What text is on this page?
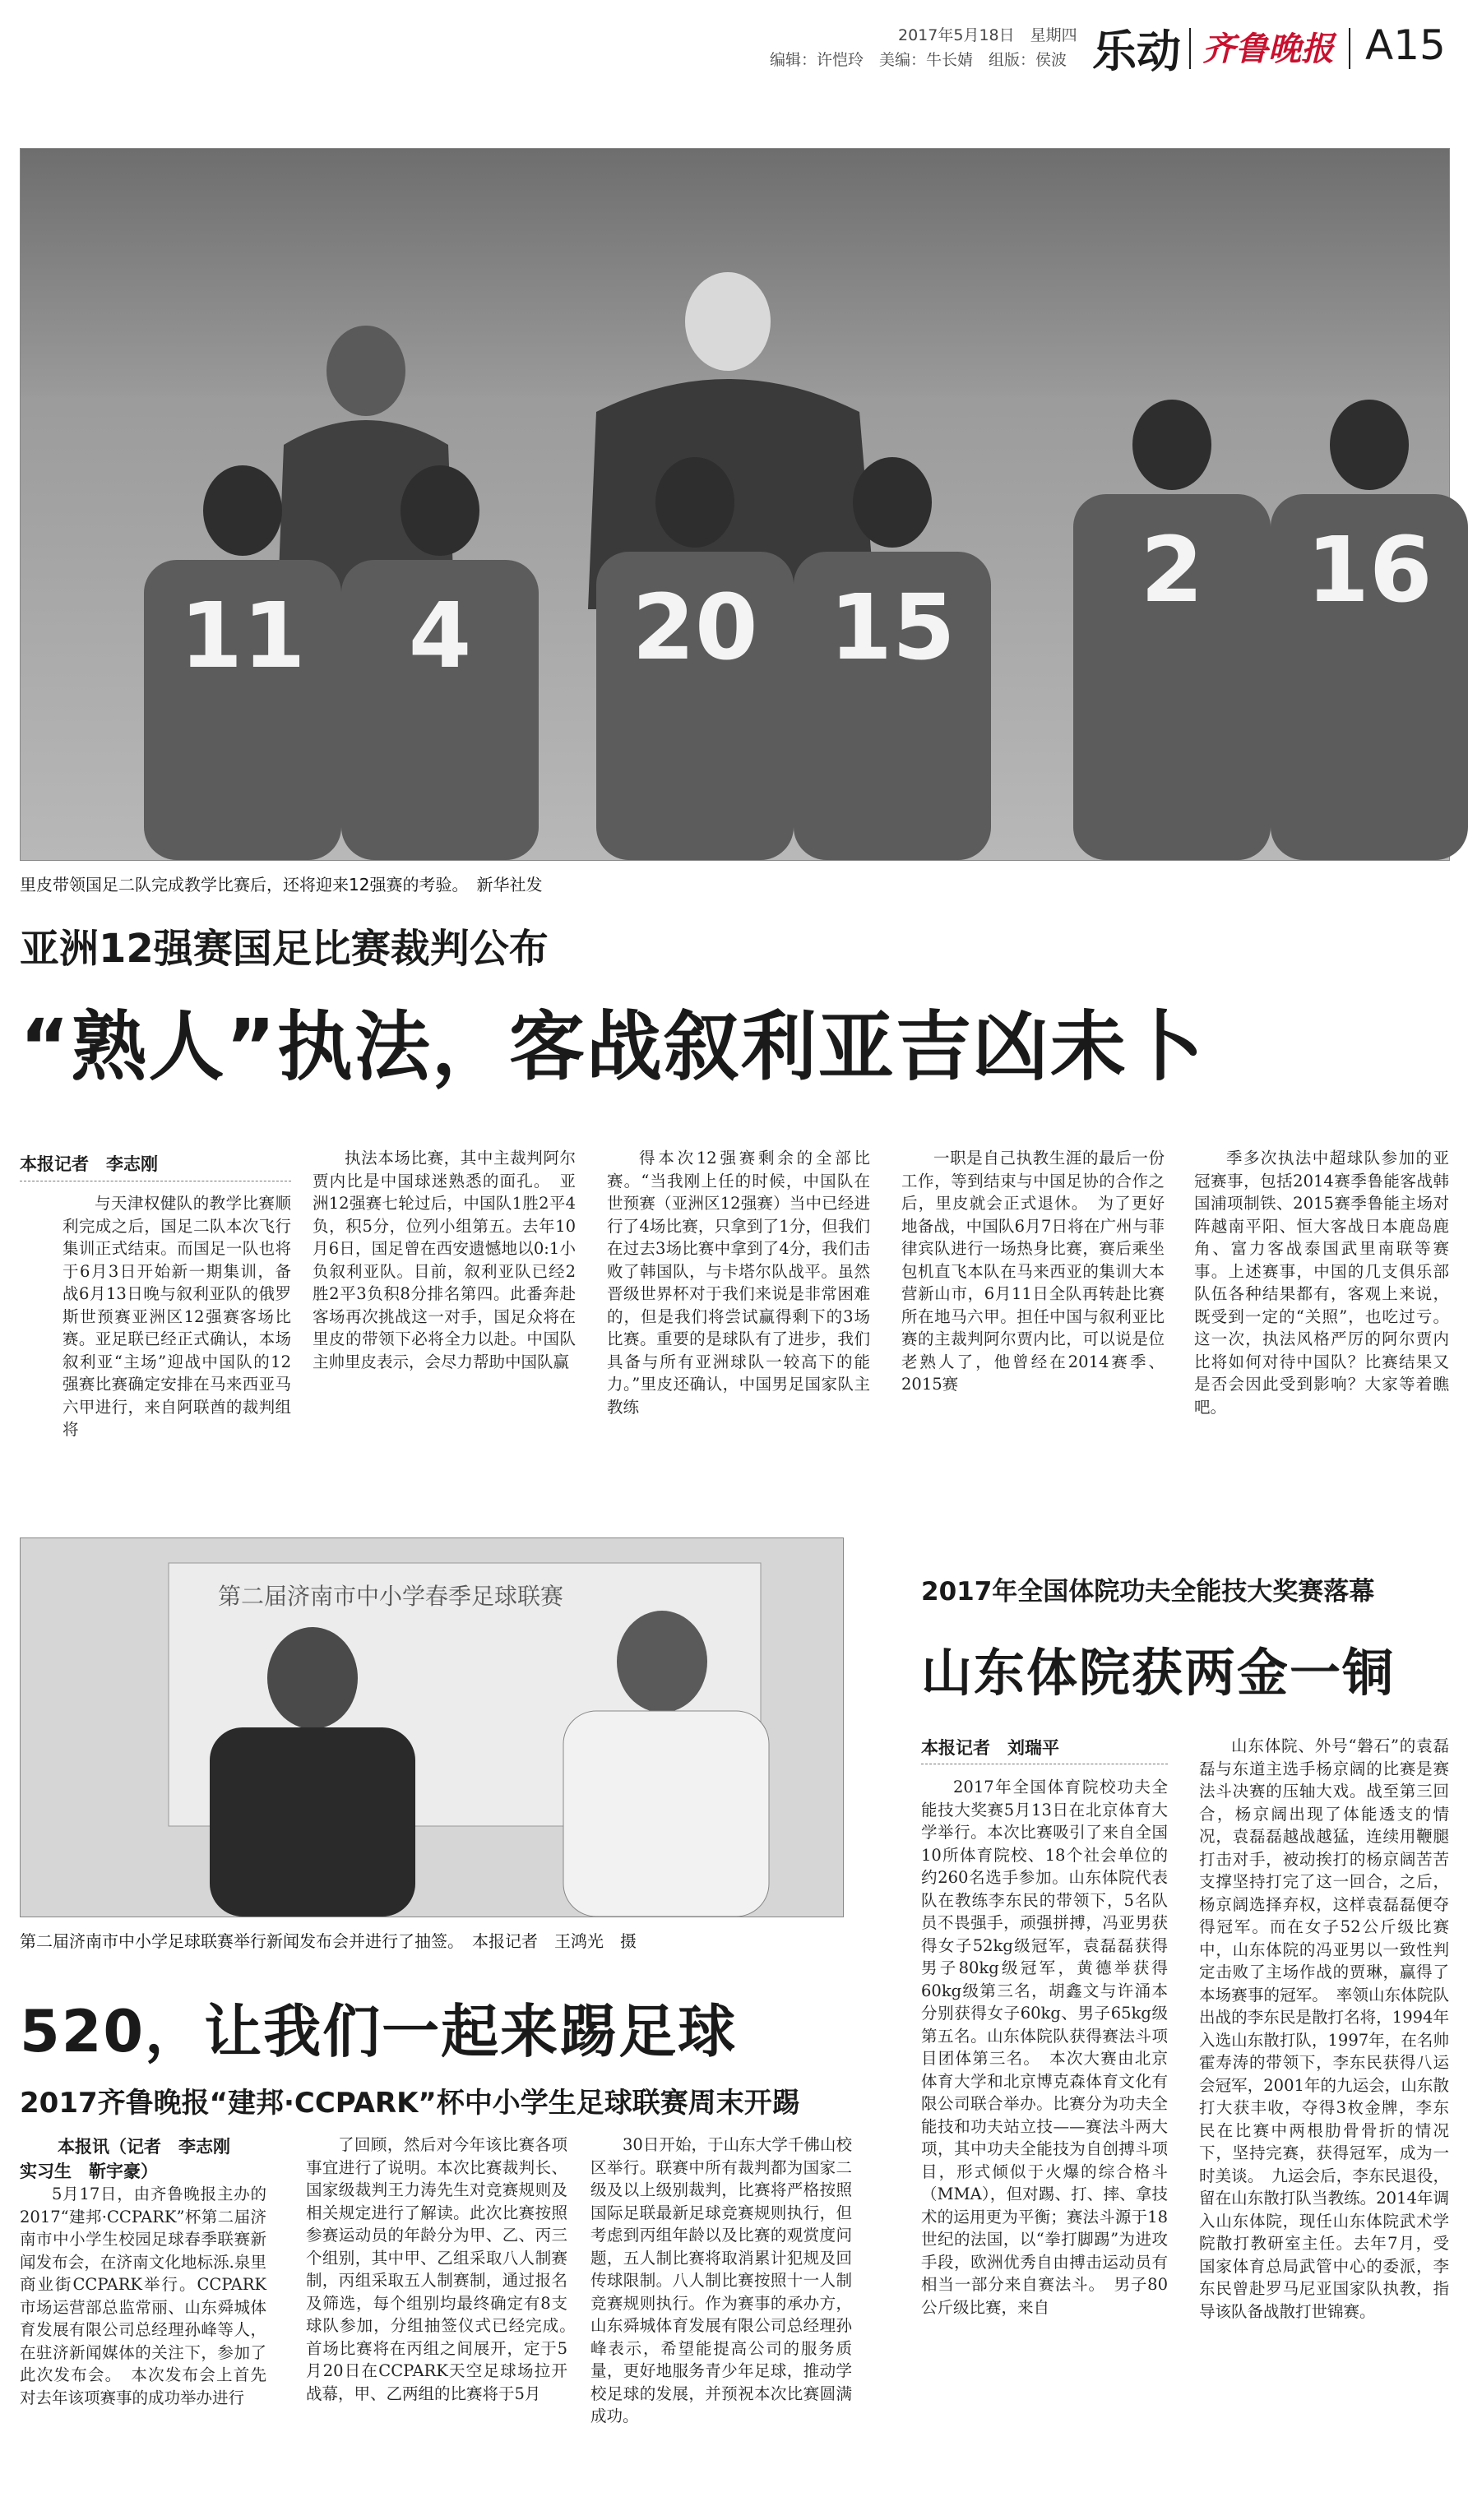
2017年5月18日　星期四
编辑：许恺玲　美编：牛长婧　组版：侯波 乐动 齐鲁晚报 A15
11 4 20 15
2 16
里皮带领国足二队完成教学比赛后，还将迎来12强赛的考验。　新华社发
亚洲12强赛国足比赛裁判公布
“熟人”执法，客战叙利亚吉凶未卜
本报记者　李志刚

与天津权健队的教学比赛顺利完成之后，国足二队本次飞行集训正式结束。而国足一队也将于6月3日开始新一期集训，备战6月13日晚与叙利亚队的俄罗斯世预赛亚洲区12强赛客场比赛。亚足联已经正式确认，本场叙利亚“主场”迎战中国队的12强赛比赛确定安排在马来西亚马六甲进行，来自阿联酋的裁判组将

执法本场比赛，其中主裁判阿尔贾内比是中国球迷熟悉的面孔。　亚洲12强赛七轮过后，中国队1胜2平4负，积5分，位列小组第五。去年10月6日，国足曾在西安遗憾地以0:1小负叙利亚队。目前，叙利亚队已经2胜2平3负积8分排名第四。此番奔赴客场再次挑战这一对手，国足众将在里皮的带领下必将全力以赴。中国队主帅里皮表示，会尽力帮助中国队赢

得本次12强赛剩余的全部比赛。“当我刚上任的时候，中国队在世预赛（亚洲区12强赛）当中已经进行了4场比赛，只拿到了1分，但我们在过去3场比赛中拿到了4分，我们击败了韩国队，与卡塔尔队战平。虽然晋级世界杯对于我们来说是非常困难的，但是我们将尝试赢得剩下的3场比赛。重要的是球队有了进步，我们具备与所有亚洲球队一较高下的能力。”里皮还确认，中国男足国家队主教练

一职是自己执教生涯的最后一份工作，等到结束与中国足协的合作之后，里皮就会正式退休。　为了更好地备战，中国队6月7日将在广州与菲律宾队进行一场热身比赛，赛后乘坐包机直飞本队在马来西亚的集训大本营新山市，6月11日全队再转赴比赛所在地马六甲。担任中国与叙利亚比赛的主裁判阿尔贾内比，可以说是位老熟人了，他曾经在2014赛季、2015赛

季多次执法中超球队参加的亚冠赛事，包括2014赛季鲁能客战韩国浦项制铁、2015赛季鲁能主场对阵越南平阳、恒大客战日本鹿岛鹿角、富力客战泰国武里南联等赛事。上述赛事，中国的几支俱乐部队伍各种结果都有，客观上来说，既受到一定的“关照”，也吃过亏。这一次，执法风格严厉的阿尔贾内比将如何对待中国队？比赛结果又是否会因此受到影响？大家等着瞧吧。

第二届济南市中小学春季足球联赛
第二届济南市中小学足球联赛举行新闻发布会并进行了抽签。　本报记者　王鸿光　摄
520，让我们一起来踢足球
2017齐鲁晚报“建邦·CCPARK”杯中小学生足球联赛周末开踢
本报讯（记者　李志刚
实习生　靳宇豪）

5月17日，由齐鲁晚报主办的2017“建邦·CCPARK”杯第二届济南市中小学生校园足球春季联赛新闻发布会，在济南文化地标泺.泉里商业街CCPARK举行。CCPARK市场运营部总监常丽、山东舜城体育发展有限公司总经理孙峰等人，在驻济新闻媒体的关注下，参加了此次发布会。　本次发布会上首先对去年该项赛事的成功举办进行

了回顾，然后对今年该比赛各项事宜进行了说明。本次比赛裁判长、国家级裁判王力涛先生对竞赛规则及相关规定进行了解读。此次比赛按照参赛运动员的年龄分为甲、乙、丙三个组别，其中甲、乙组采取八人制赛制，丙组采取五人制赛制，通过报名及筛选，每个组别均最终确定有8支球队参加，分组抽签仪式已经完成。　首场比赛将在丙组之间展开，定于5月20日在CCPARK天空足球场拉开战幕，甲、乙两组的比赛将于5月

30日开始，于山东大学千佛山校区举行。联赛中所有裁判都为国家二级及以上级别裁判，比赛将严格按照国际足联最新足球竞赛规则执行，但考虑到丙组年龄以及比赛的观赏度问题，五人制比赛将取消累计犯规及回传球限制。八人制比赛按照十一人制竞赛规则执行。作为赛事的承办方，山东舜城体育发展有限公司总经理孙峰表示，希望能提高公司的服务质量，更好地服务青少年足球，推动学校足球的发展，并预祝本次比赛圆满成功。

2017年全国体院功夫全能技大奖赛落幕
山东体院获两金一铜
本报记者　刘瑞平

2017年全国体育院校功夫全能技大奖赛5月13日在北京体育大学举行。本次比赛吸引了来自全国10所体育院校、18个社会单位的约260名选手参加。山东体院代表队在教练李东民的带领下，5名队员不畏强手，顽强拼搏，冯亚男获得女子52kg级冠军，袁磊磊获得男子80kg级冠军，黄德举获得60kg级第三名，胡鑫文与许涌本分别获得女子60kg、男子65kg级第五名。山东体院队获得赛法斗项目团体第三名。　本次大赛由北京体育大学和北京博克森体育文化有限公司联合举办。比赛分为功夫全能技和功夫站立技——赛法斗两大项，其中功夫全能技为自创搏斗项目，形式倾似于火爆的综合格斗（MMA），但对踢、打、摔、拿技术的运用更为平衡；赛法斗源于18世纪的法国，以“拳打脚踢”为进攻手段，欧洲优秀自由搏击运动员有相当一部分来自赛法斗。　男子80公斤级比赛，来自

山东体院、外号“磐石”的袁磊磊与东道主选手杨京阔的比赛是赛法斗决赛的压轴大戏。战至第三回合，杨京阔出现了体能透支的情况，袁磊磊越战越猛，连续用鞭腿打击对手，被动挨打的杨京阔苦苦支撑坚持打完了这一回合，之后，杨京阔选择弃权，这样袁磊磊便夺得冠军。而在女子52公斤级比赛中，山东体院的冯亚男以一致性判定击败了主场作战的贾琳，赢得了本场赛事的冠军。　率领山东体院队出战的李东民是散打名将，1994年入选山东散打队，1997年，在名帅霍寿涛的带领下，李东民获得八运会冠军，2001年的九运会，山东散打大获丰收，夺得3枚金牌，李东民在比赛中两根肋骨骨折的情况下，坚持完赛，获得冠军，成为一时美谈。　九运会后，李东民退役，留在山东散打队当教练。2014年调入山东体院，现任山东体院武术学院散打教研室主任。去年7月，受国家体育总局武管中心的委派，李东民曾赴罗马尼亚国家队执教，指导该队备战散打世锦赛。
